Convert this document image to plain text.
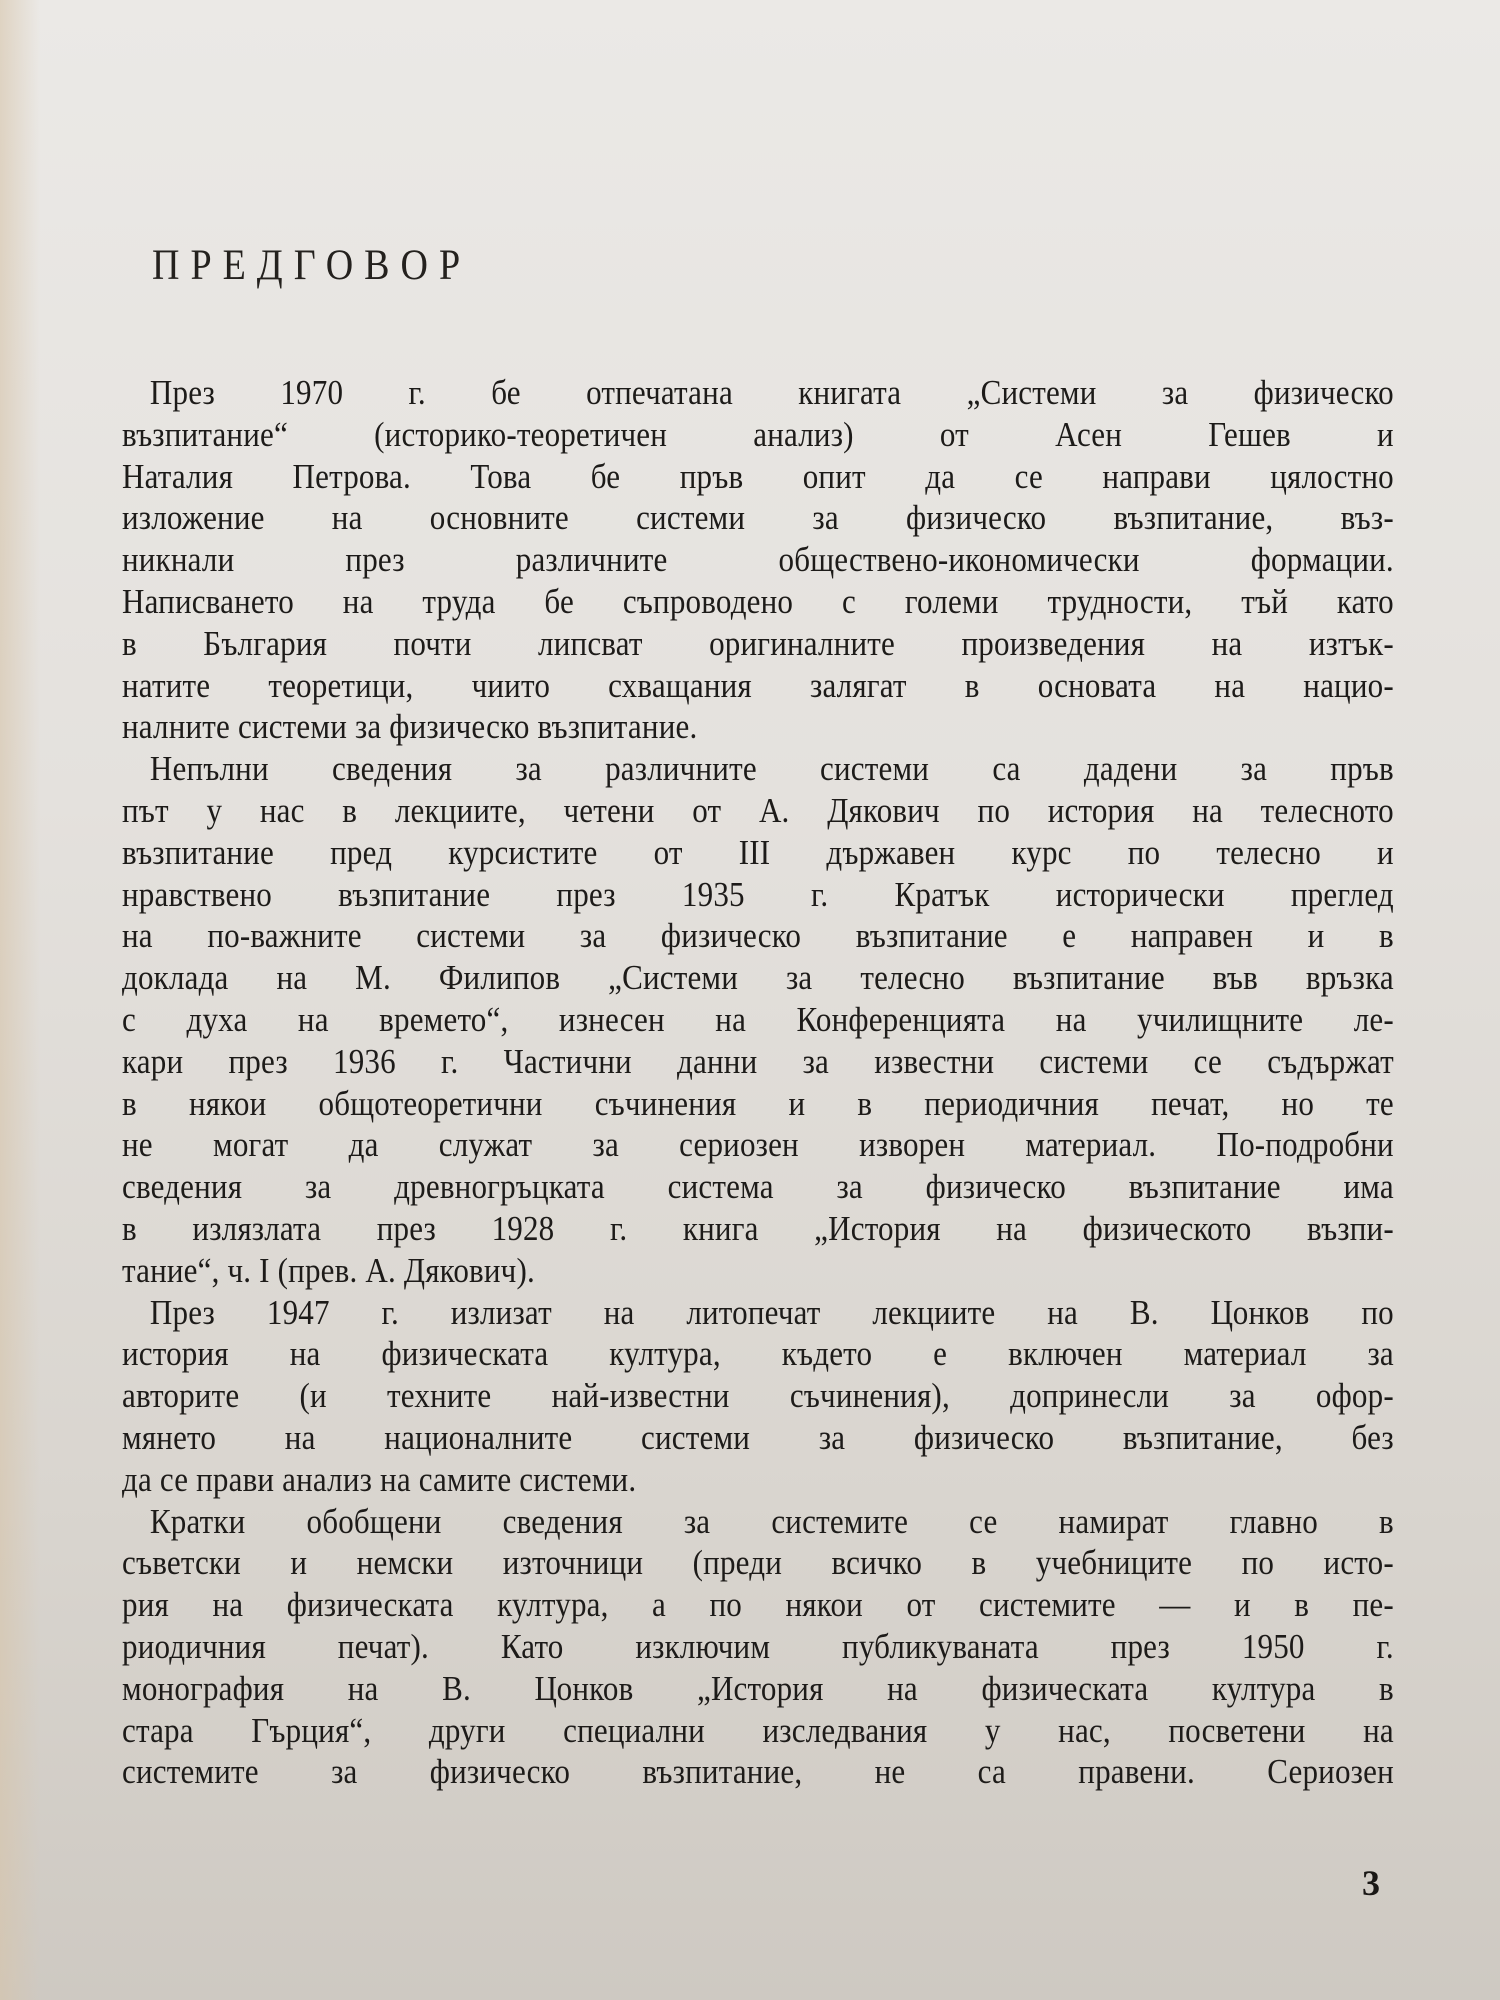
ПРЕДГОВОР
През 1970 г. бе отпечатана книгата „Системи за физическо
възпитание“ (историко-теоретичен анализ) от Асен Гешев и
Наталия Петрова. Това бе пръв опит да се направи цялостно
изложение на основните системи за физическо възпитание, въз-
никнали през различните обществено-икономически формации.
Написването на труда бе съпроводено с големи трудности, тъй като
в България почти липсват оригиналните произведения на изтък-
натите теоретици, чиито схващания залягат в основата на нацио-
налните системи за физическо възпитание.
Непълни сведения за различните системи са дадени за пръв
път у нас в лекциите, четени от А. Дякович по история на телесното
възпитание пред курсистите от III държавен курс по телесно и
нравствено възпитание през 1935 г. Кратък исторически преглед
на по-важните системи за физическо възпитание е направен и в
доклада на М. Филипов „Системи за телесно възпитание във връзка
с духа на времето“, изнесен на Конференцията на училищните ле-
кари през 1936 г. Частични данни за известни системи се съдържат
в някои общотеоретични съчинения и в периодичния печат, но те
не могат да служат за сериозен изворен материал. По-подробни
сведения за древногръцката система за физическо възпитание има
в излязлата през 1928 г. книга „История на физическото възпи-
тание“, ч. I (прев. А. Дякович).
През 1947 г. излизат на литопечат лекциите на В. Цонков по
история на физическата култура, където е включен материал за
авторите (и техните най-известни съчинения), допринесли за офор-
мянето на националните системи за физическо възпитание, без
да се прави анализ на самите системи.
Кратки обобщени сведения за системите се намират главно в
съветски и немски източници (преди всичко в учебниците по исто-
рия на физическата култура, а по някои от системите — и в пе-
риодичния печат). Като изключим публикуваната през 1950 г.
монография на В. Цонков „История на физическата култура в
стара Гърция“, други специални изследвания у нас, посветени на
системите за физическо възпитание, не са правени. Сериозен
3
